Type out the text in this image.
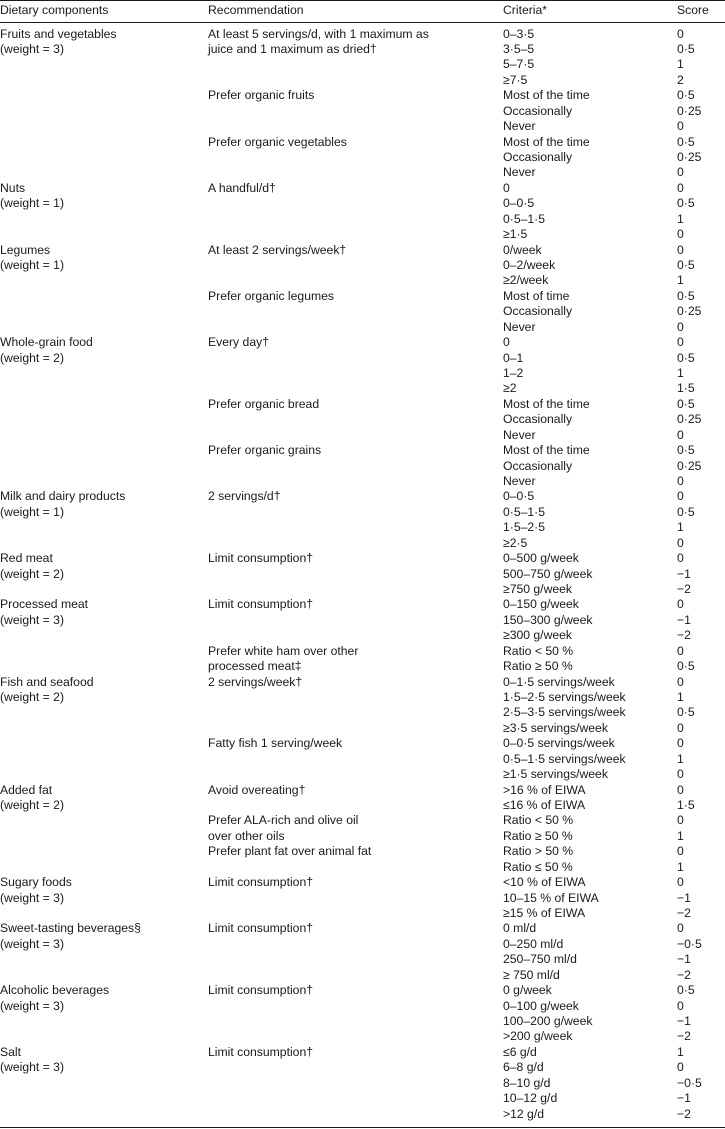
Dietary components	Recommendation	Criteria*	Score
Fruits and vegetables	At least 5 servings/d, with 1 maximum as	0–3·5	0
(weight = 3)	juice and 1 maximum as dried†	3·5–5	0·5
5–7·5	1
≥7·5	2
Prefer organic fruits	Most of the time	0·5
Occasionally	0·25
Never	0
Prefer organic vegetables	Most of the time	0·5
Occasionally	0·25
Never	0
Nuts	A handful/d†	0	0
(weight = 1)	0–0·5	0·5
0·5–1·5	1
≥1·5	0
Legumes	At least 2 servings/week†	0/week	0
(weight = 1)	0–2/week	0·5
≥2/week	1
Prefer organic legumes	Most of time	0·5
Occasionally	0·25
Never	0
Whole-grain food	Every day†	0	0
(weight = 2)	0–1	0·5
1–2	1
≥2	1·5
Prefer organic bread	Most of the time	0·5
Occasionally	0·25
Never	0
Prefer organic grains	Most of the time	0·5
Occasionally	0·25
Never	0
Milk and dairy products	2 servings/d†	0–0·5	0
(weight = 1)	0·5–1·5	0·5
1·5–2·5	1
≥2·5	0
Red meat	Limit consumption†	0–500 g/week	0
(weight = 2)	500–750 g/week	−1
≥750 g/week	−2
Processed meat	Limit consumption†	0–150 g/week	0
(weight = 3)	150–300 g/week	−1
≥300 g/week	−2
Prefer white ham over other	Ratio < 50 %	0
processed meat‡	Ratio ≥ 50 %	0·5
Fish and seafood	2 servings/week†	0–1·5 servings/week	0
(weight = 2)	1·5–2·5 servings/week	1
2·5–3·5 servings/week	0·5
≥3·5 servings/week	0
Fatty fish 1 serving/week	0–0·5 servings/week	0
0·5–1·5 servings/week	1
≥1·5 servings/week	0
Added fat	Avoid overeating†	>16 % of EIWA	0
(weight = 2)	≤16 % of EIWA	1·5
Prefer ALA-rich and olive oil	Ratio < 50 %	0
over other oils	Ratio ≥ 50 %	1
Prefer plant fat over animal fat	Ratio > 50 %	0
Ratio ≤ 50 %	1
Sugary foods	Limit consumption†	<10 % of EIWA	0
(weight = 3)	10–15 % of EIWA	−1
≥15 % of EIWA	−2
Sweet-tasting beverages§	Limit consumption†	0 ml/d	0
(weight = 3)	0–250 ml/d	−0·5
250–750 ml/d	−1
≥ 750 ml/d	−2
Alcoholic beverages	Limit consumption†	0 g/week	0·5
(weight = 3)	0–100 g/week	0
100–200 g/week	−1
>200 g/week	−2
Salt	Limit consumption†	≤6 g/d	1
(weight = 3)	6–8 g/d	0
8–10 g/d	−0·5
10–12 g/d	−1
>12 g/d	−2
